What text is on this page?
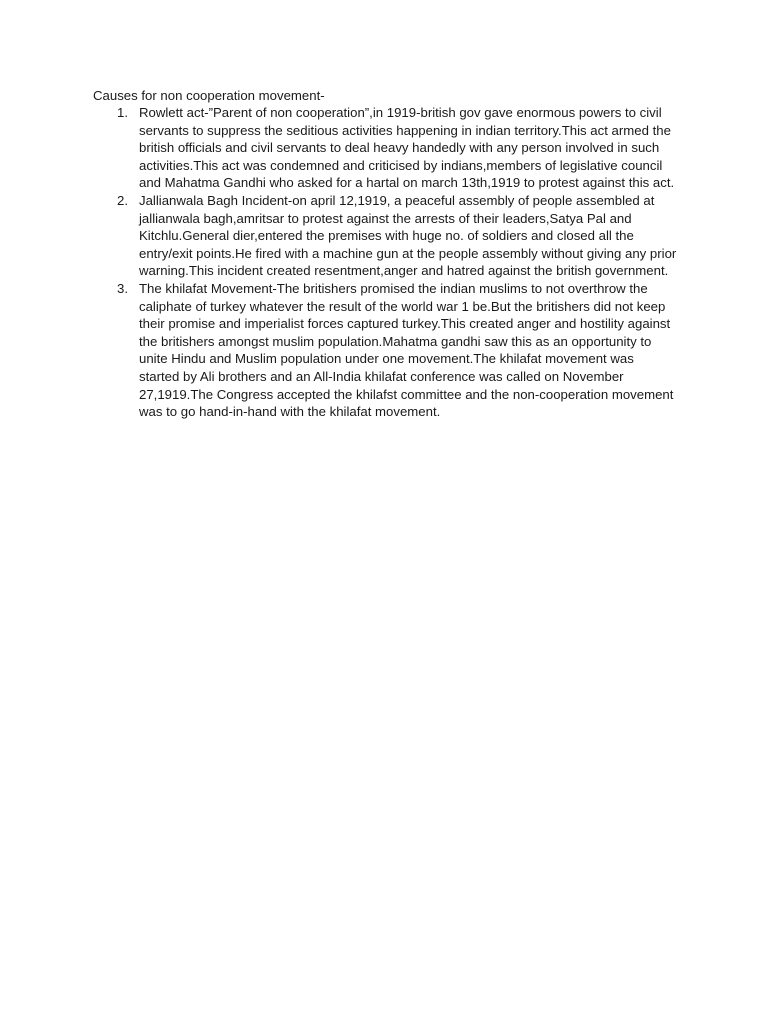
Causes for non cooperation movement-
1. Rowlett act-”Parent of non cooperation”,in 1919-british gov gave enormous powers to civil servants to suppress the seditious activities happening in indian territory.This act armed the british officials and civil servants to deal heavy handedly with any person involved in such activities.This act was condemned and criticised by indians,members of legislative council and Mahatma Gandhi who asked for a hartal on march 13th,1919 to protest against this act.
2. Jallianwala Bagh Incident-on april 12,1919, a peaceful assembly of people assembled at jallianwala bagh,amritsar to protest against the arrests of their leaders,Satya Pal and Kitchlu.General dier,entered the premises with huge no. of soldiers and closed all the entry/exit points.He fired with a machine gun at the people assembly without giving any prior warning.This incident created resentment,anger and hatred against the british government.
3. The khilafat Movement-The britishers promised the indian muslims to not overthrow the caliphate of turkey whatever the result of the world war 1 be.But the britishers did not keep their promise and imperialist forces captured turkey.This created anger and hostility against the britishers amongst muslim population.Mahatma gandhi saw this as an opportunity to unite Hindu and Muslim population under one movement.The khilafat movement was started by Ali brothers and an All-India khilafat conference was called on November 27,1919.The Congress accepted the khilafst committee and the non-cooperation movement was to go hand-in-hand with the khilafat movement.
